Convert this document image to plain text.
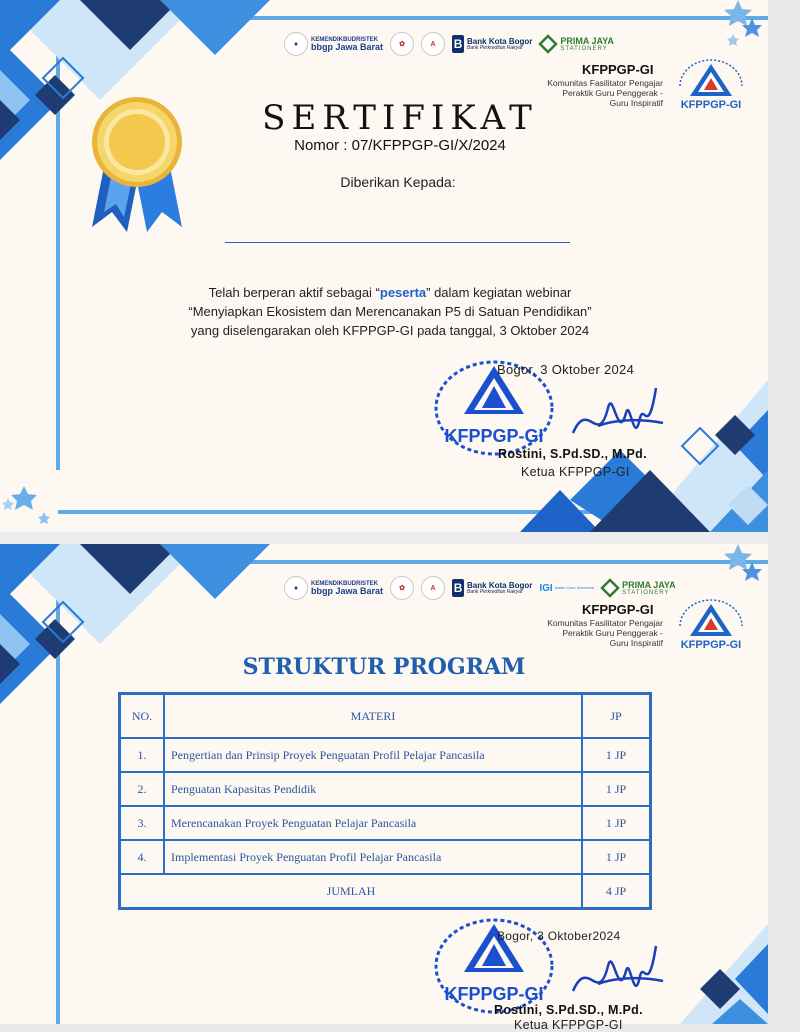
●
KEMENDIKBUDRISTEK
bbgp Jawa Barat	✿	A	B Bank Kota Bogor
Bank Perkreditan Rakyat
PRIMA JAYA
STATIONERY
KFPPGP-GI
Komunitas Fasilitator Pengajar
Peraktik Guru Penggerak -
Guru Inspiratif KFPPGP-GI
SERTIFIKAT
Nomor : 07/KFPPGP-GI/X/2024
Diberikan Kepada:
Telah berperan aktif sebagai “peserta” dalam kegiatan webinar
“Menyiapkan Ekosistem dan Merencanakan P5 di Satuan Pendidikan”
yang diselengarakan oleh KFPPGP-GI pada tanggal, 3 Oktober 2024
KFPPGP-GI
Bogor, 3 Oktober 2024
Rostini, S.Pd.SD., M.Pd.
Ketua KFPPGP-GI
●
KEMENDIKBUDRISTEK
bbgp Jawa Barat	✿	A	B Bank Kota Bogor
Bank Perkreditan Rakyat	IGI Ikatan Guru Indonesia	PRIMA JAYA
STATIONERY
KFPPGP-GI
Komunitas Fasilitator Pengajar
Peraktik Guru Penggerak -
Guru Inspiratif KFPPGP-GI
STRUKTUR PROGRAM
NO.	MATERI	JP
1.	Pengertian dan Prinsip Proyek Penguatan Profil Pelajar Pancasila	1 JP
2.	Penguatan Kapasitas Pendidik	1 JP
3.	Merencanakan Proyek Penguatan Pelajar Pancasila	1 JP
4.	Implementasi Proyek Penguatan Profil Pelajar Pancasila	1 JP
JUMLAH		4 JP
KFPPGP-GI
Bogor, 3 Oktober2024
Rostini, S.Pd.SD., M.Pd.
Ketua KFPPGP-GI
